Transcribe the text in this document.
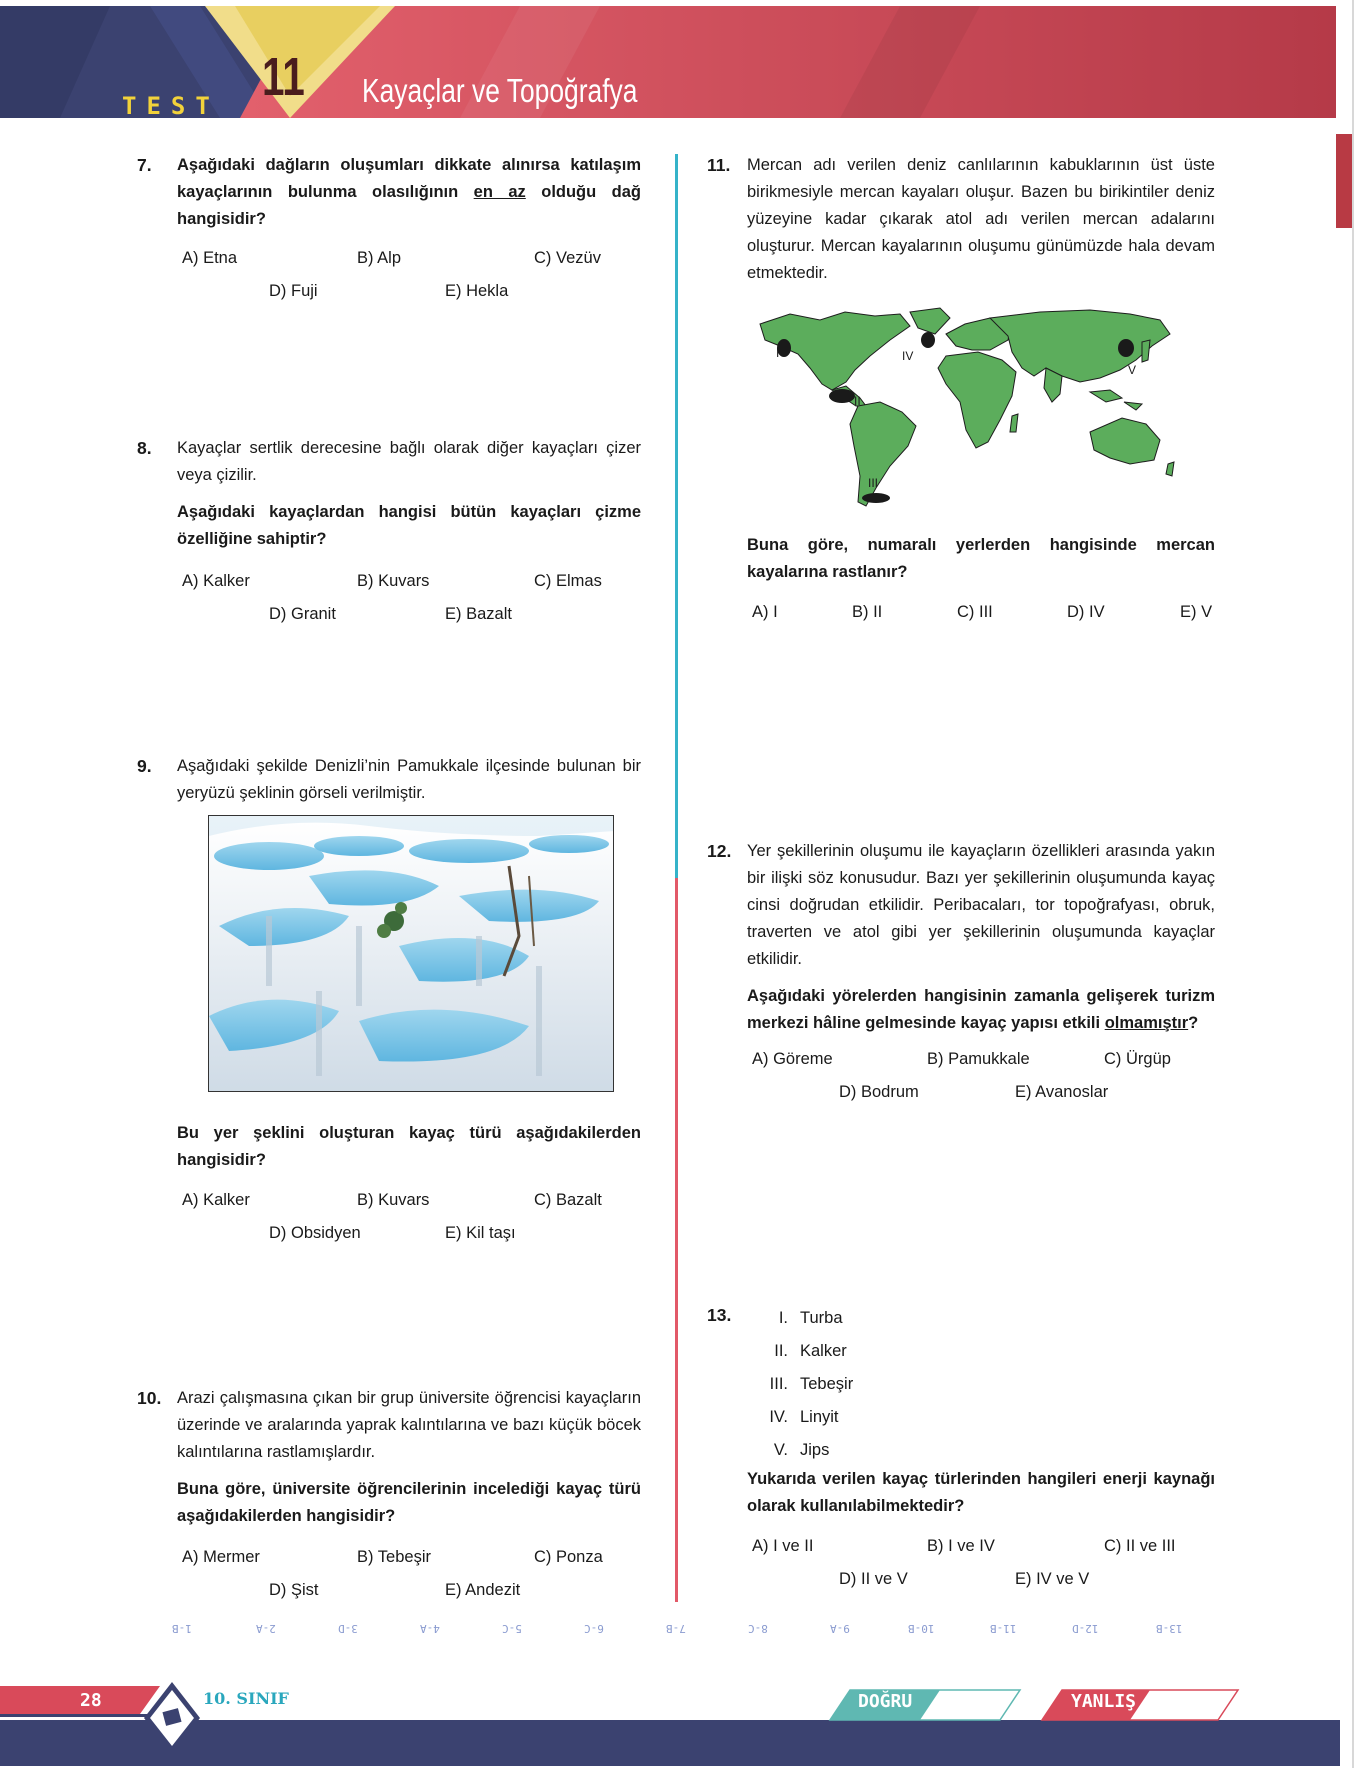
TEST 11 Kayaçlar ve Topoğrafya
7. Aşağıdaki dağların oluşumları dikkate alınırsa katılaşım kayaçlarının bulunma olasılığının en az olduğu dağ hangisidir?
A) Etna	B) Alp	C) Vezüv
D) Fuji	E) Hekla
8. Kayaçlar sertlik derecesine bağlı olarak diğer kayaçları çizer veya çizilir.

Aşağıdaki kayaçlardan hangisi bütün kayaçları çizme özelliğine sahiptir?

A) Kalker	B) Kuvars	C) Elmas
D) Granit	E) Bazalt
9. Aşağıdaki şekilde Denizli’nin Pamukkale ilçesinde bulunan bir yeryüzü şeklinin görseli verilmiştir.

Bu yer şeklini oluşturan kayaç türü aşağıdakilerden hangisidir?

A) Kalker	B) Kuvars	C) Bazalt
D) Obsidyen	E) Kil taşı
10. Arazi çalışmasına çıkan bir grup üniversite öğrencisi kayaçların üzerinde ve aralarında yaprak kalıntılarına ve bazı küçük böcek kalıntılarına rastlamışlardır.

Buna göre, üniversite öğrencilerinin incelediği kayaç türü aşağıdakilerden hangisidir?

A) Mermer	B) Tebeşir	C) Ponza
D) Şist	E) Andezit
11. Mercan adı verilen deniz canlılarının kabuklarının üst üste birikmesiyle mercan kayaları oluşur. Bazen bu birikintiler deniz yüzeyine kadar çıkarak atol adı verilen mercan adalarını oluşturur. Mercan kayalarının oluşumu günümüzde hala devam etmektedir.

I
II
III
IV
V

Buna göre, numaralı yerlerden hangisinde mercan kayalarına rastlanır?

A) I	B) II	C) III	D) IV	E) V
12. Yer şekillerinin oluşumu ile kayaçların özellikleri arasında yakın bir ilişki söz konusudur. Bazı yer şekillerinin oluşumunda kayaç cinsi doğrudan etkilidir. Peribacaları, tor topoğrafyası, obruk, traverten ve atol gibi yer şekillerinin oluşumunda kayaçlar etkilidir.

Aşağıdaki yörelerden hangisinin zamanla gelişerek turizm merkezi hâline gelmesinde kayaç yapısı etkili olmamıştır?

A) Göreme	B) Pamukkale	C) Ürgüp
D) Bodrum	E) Avanoslar
13.	I. Turba
II. Kalker
III. Tebeşir
IV. Linyit
V. Jips

Yukarıda verilen kayaç türlerinden hangileri enerji kaynağı olarak kullanılabilmektedir?

A) I ve II	B) I ve IV	C) II ve III
D) II ve V	E) IV ve V
1-B	2-A	3-D	4-A	5-C	6-C	7-B	8-C	9-A	10-B	11-B	12-D	13-B
28	10. SINIF	DOĞRU	YANLIŞ
